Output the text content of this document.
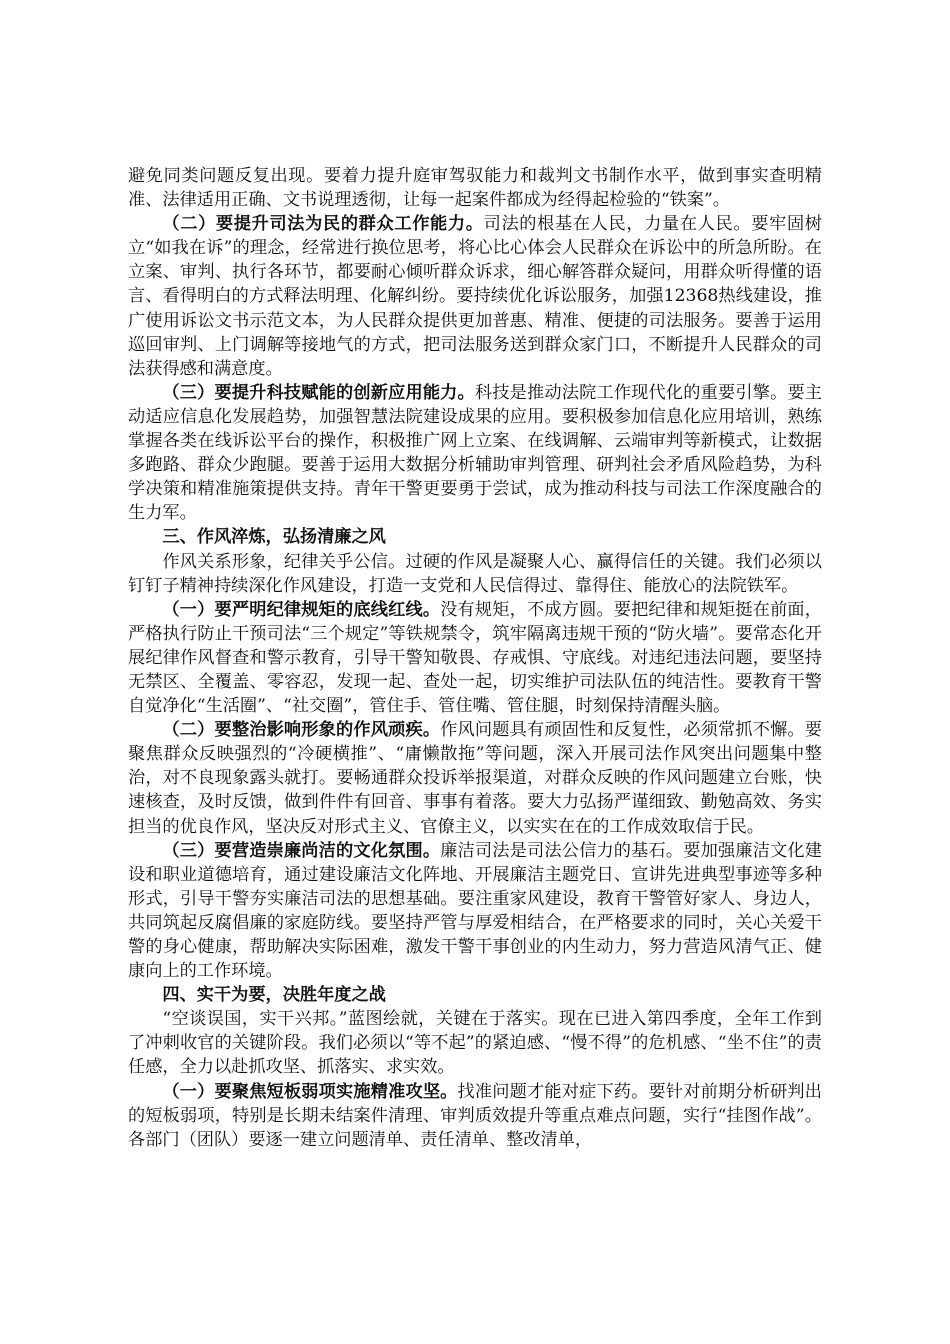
避免同类问题反复出现。要着力提升庭审驾驭能力和裁判文书制作水平，做到事实查明精准、法律适用正确、文书说理透彻，让每一起案件都成为经得起检验的“铁案”。

（二）要提升司法为民的群众工作能力。司法的根基在人民，力量在人民。要牢固树立“如我在诉”的理念，经常进行换位思考，将心比心体会人民群众在诉讼中的所急所盼。在立案、审判、执行各环节，都要耐心倾听群众诉求，细心解答群众疑问，用群众听得懂的语言、看得明白的方式释法明理、化解纠纷。要持续优化诉讼服务，加强12368热线建设，推广使用诉讼文书示范文本，为人民群众提供更加普惠、精准、便捷的司法服务。要善于运用巡回审判、上门调解等接地气的方式，把司法服务送到群众家门口，不断提升人民群众的司法获得感和满意度。

（三）要提升科技赋能的创新应用能力。科技是推动法院工作现代化的重要引擎。要主动适应信息化发展趋势，加强智慧法院建设成果的应用。要积极参加信息化应用培训，熟练掌握各类在线诉讼平台的操作，积极推广网上立案、在线调解、云端审判等新模式，让数据多跑路、群众少跑腿。要善于运用大数据分析辅助审判管理、研判社会矛盾风险趋势，为科学决策和精准施策提供支持。青年干警更要勇于尝试，成为推动科技与司法工作深度融合的生力军。

三、作风淬炼，弘扬清廉之风

作风关系形象，纪律关乎公信。过硬的作风是凝聚人心、赢得信任的关键。我们必须以钉钉子精神持续深化作风建设，打造一支党和人民信得过、靠得住、能放心的法院铁军。

（一）要严明纪律规矩的底线红线。没有规矩，不成方圆。要把纪律和规矩挺在前面，严格执行防止干预司法“三个规定”等铁规禁令，筑牢隔离违规干预的“防火墙”。要常态化开展纪律作风督查和警示教育，引导干警知敬畏、存戒惧、守底线。对违纪违法问题，要坚持无禁区、全覆盖、零容忍，发现一起、查处一起，切实维护司法队伍的纯洁性。要教育干警自觉净化“生活圈”、“社交圈”，管住手、管住嘴、管住腿，时刻保持清醒头脑。

（二）要整治影响形象的作风顽疾。作风问题具有顽固性和反复性，必须常抓不懈。要聚焦群众反映强烈的“冷硬横推”、“庸懒散拖”等问题，深入开展司法作风突出问题集中整治，对不良现象露头就打。要畅通群众投诉举报渠道，对群众反映的作风问题建立台账，快速核查，及时反馈，做到件件有回音、事事有着落。要大力弘扬严谨细致、勤勉高效、务实担当的优良作风，坚决反对形式主义、官僚主义，以实实在在的工作成效取信于民。

（三）要营造崇廉尚洁的文化氛围。廉洁司法是司法公信力的基石。要加强廉洁文化建设和职业道德培育，通过建设廉洁文化阵地、开展廉洁主题党日、宣讲先进典型事迹等多种形式，引导干警夯实廉洁司法的思想基础。要注重家风建设，教育干警管好家人、身边人，共同筑起反腐倡廉的家庭防线。要坚持严管与厚爱相结合，在严格要求的同时，关心关爱干警的身心健康，帮助解决实际困难，激发干警干事创业的内生动力，努力营造风清气正、健康向上的工作环境。

四、实干为要，决胜年度之战

“空谈误国，实干兴邦。”蓝图绘就，关键在于落实。现在已进入第四季度，全年工作到了冲刺收官的关键阶段。我们必须以“等不起”的紧迫感、“慢不得”的危机感、“坐不住”的责任感，全力以赴抓攻坚、抓落实、求实效。

（一）要聚焦短板弱项实施精准攻坚。找准问题才能对症下药。要针对前期分析研判出的短板弱项，特别是长期未结案件清理、审判质效提升等重点难点问题，实行“挂图作战”。各部门（团队）要逐一建立问题清单、责任清单、整改清单，
